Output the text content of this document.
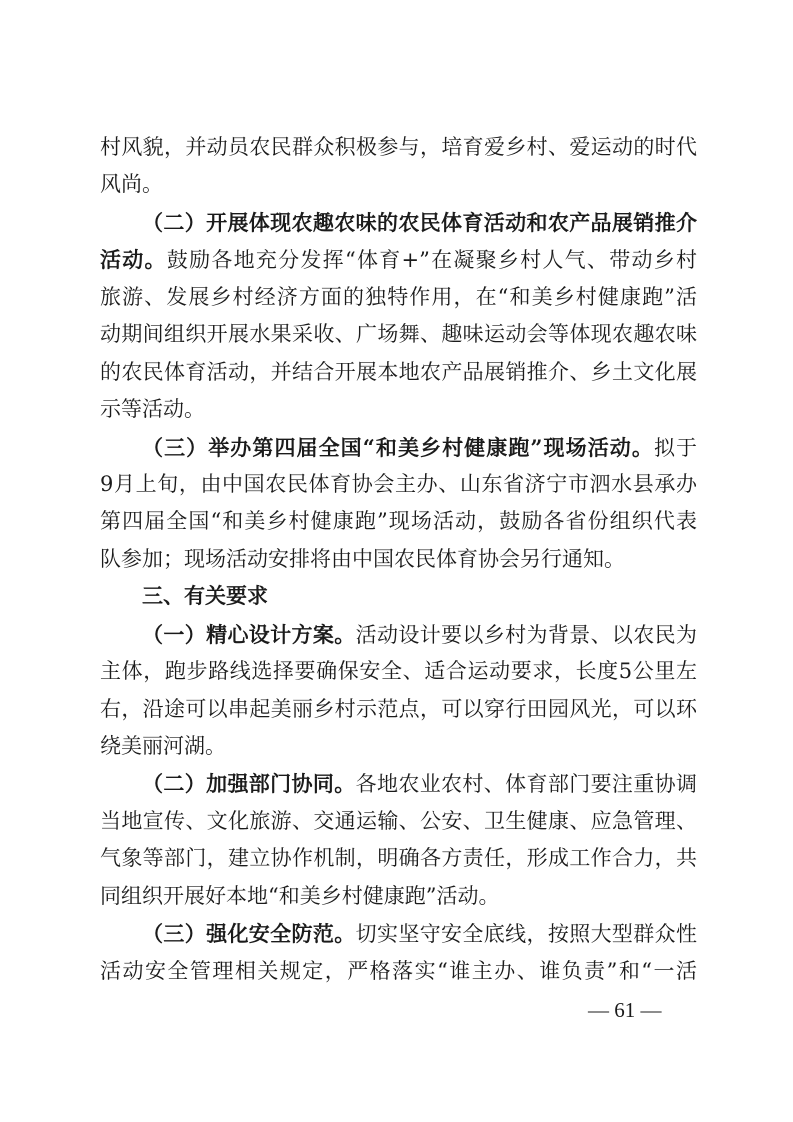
村风貌，并动员农民群众积极参与，培育爱乡村、爱运动的时代
风尚。
（二）开展体现农趣农味的农民体育活动和农产品展销推介
活动。鼓励各地充分发挥“体育+”在凝聚乡村人气、带动乡村
旅游、发展乡村经济方面的独特作用，在“和美乡村健康跑”活
动期间组织开展水果采收、广场舞、趣味运动会等体现农趣农味
的农民体育活动，并结合开展本地农产品展销推介、乡土文化展
示等活动。
（三）举办第四届全国“和美乡村健康跑”现场活动。拟于
9月上旬，由中国农民体育协会主办、山东省济宁市泗水县承办
第四届全国“和美乡村健康跑”现场活动，鼓励各省份组织代表
队参加；现场活动安排将由中国农民体育协会另行通知。
三、有关要求
（一）精心设计方案。活动设计要以乡村为背景、以农民为
主体，跑步路线选择要确保安全、适合运动要求，长度5公里左
右，沿途可以串起美丽乡村示范点，可以穿行田园风光，可以环
绕美丽河湖。
（二）加强部门协同。各地农业农村、体育部门要注重协调
当地宣传、文化旅游、交通运输、公安、卫生健康、应急管理、
气象等部门，建立协作机制，明确各方责任，形成工作合力，共
同组织开展好本地“和美乡村健康跑”活动。
（三）强化安全防范。切实坚守安全底线，按照大型群众性
活动安全管理相关规定，严格落实“谁主办、谁负责”和“一活
— 61 —
